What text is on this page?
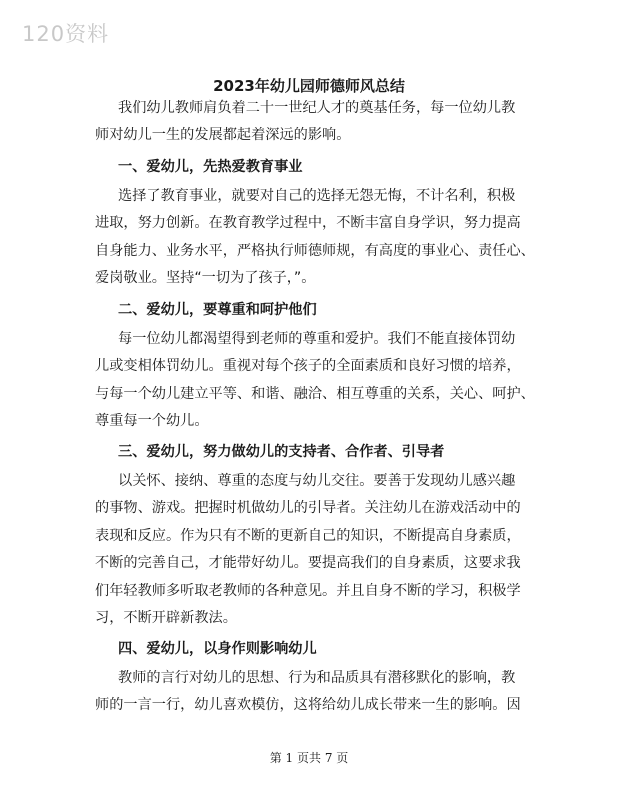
120资料
2023年幼儿园师德师风总结
我们幼儿教师肩负着二十一世纪人才的奠基任务，每一位幼儿教
师对幼儿一生的发展都起着深远的影响。
一、爱幼儿，先热爱教育事业
选择了教育事业，就要对自己的选择无怨无悔，不计名利，积极
进取，努力创新。在教育教学过程中，不断丰富自身学识，努力提高
自身能力、业务水平，严格执行师德师规，有高度的事业心、责任心、
爱岗敬业。坚持“一切为了孩子，”。
二、爱幼儿，要尊重和呵护他们
每一位幼儿都渴望得到老师的尊重和爱护。我们不能直接体罚幼
儿或变相体罚幼儿。重视对每个孩子的全面素质和良好习惯的培养，
与每一个幼儿建立平等、和谐、融洽、相互尊重的关系，关心、呵护、
尊重每一个幼儿。
三、爱幼儿，努力做幼儿的支持者、合作者、引导者
以关怀、接纳、尊重的态度与幼儿交往。要善于发现幼儿感兴趣
的事物、游戏。把握时机做幼儿的引导者。关注幼儿在游戏活动中的
表现和反应。作为只有不断的更新自己的知识，不断提高自身素质，
不断的完善自己，才能带好幼儿。要提高我们的自身素质，这要求我
们年轻教师多听取老教师的各种意见。并且自身不断的学习，积极学
习，不断开辟新教法。
四、爱幼儿，以身作则影响幼儿
教师的言行对幼儿的思想、行为和品质具有潜移默化的影响，教
师的一言一行，幼儿喜欢模仿，这将给幼儿成长带来一生的影响。因
第 1 页共 7 页
